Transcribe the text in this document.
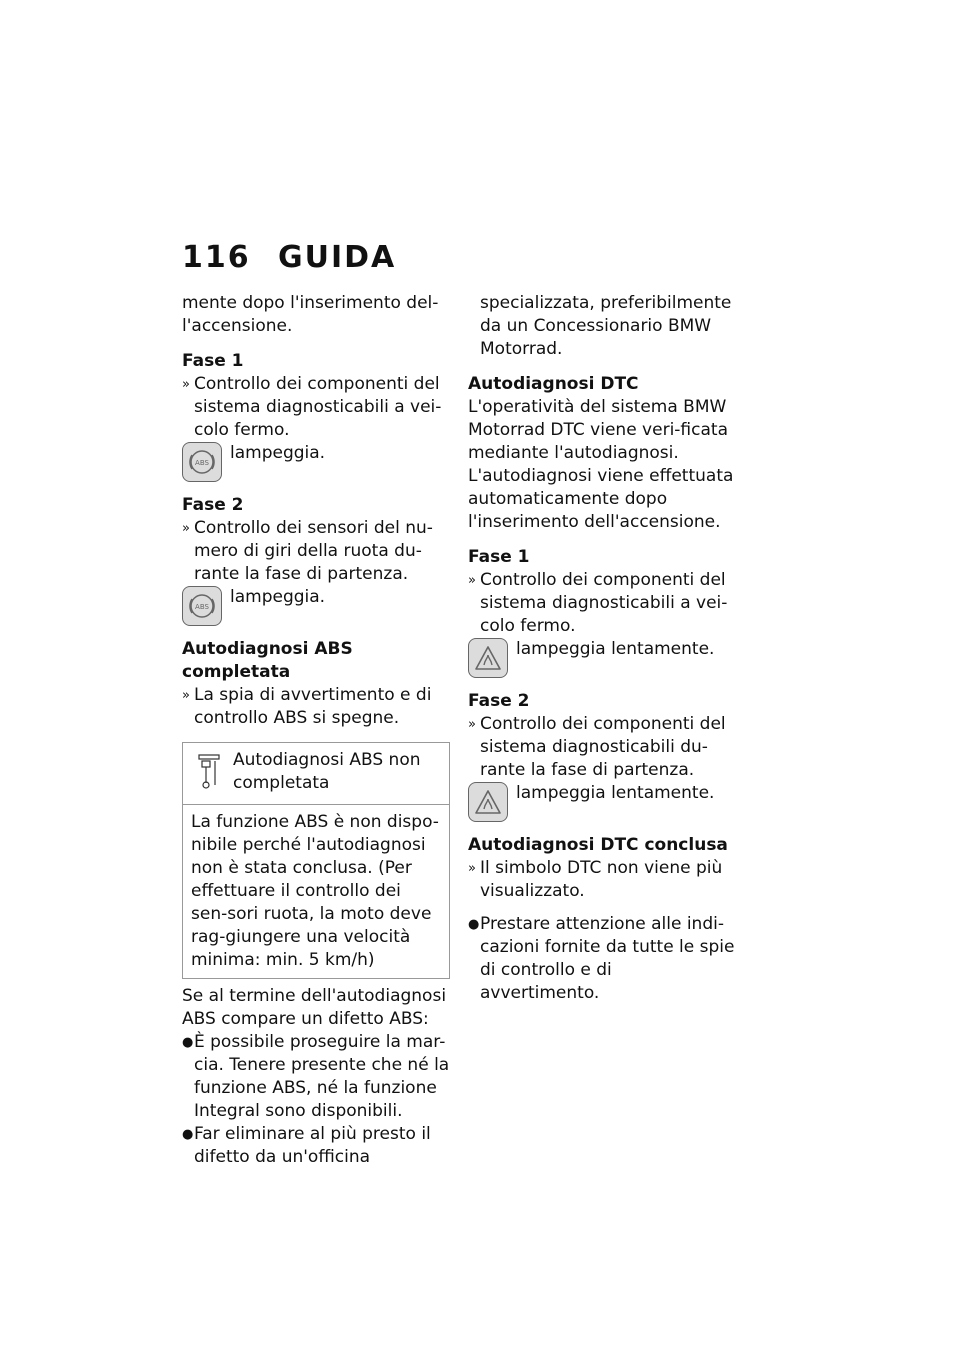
116 GUIDA

mente dopo l'inserimento del-l'accensione.

Fase 1

» Controllo dei componenti del sistema diagnosticabili a vei-colo fermo.
ABS lampeggia.

Fase 2

» Controllo dei sensori del nu-mero di giri della ruota du-rante la fase di partenza.
ABS lampeggia.

Autodiagnosi ABS completata

» La spia di avvertimento e di controllo ABS si spegne.
Autodiagnosi ABS non completata
La funzione ABS è non dispo-nibile perché l'autodiagnosi non è stata conclusa. (Per effettuare il controllo dei sen-sori ruota, la moto deve rag-giungere una velocità minima: min. 5 km/h)

Se al termine dell'autodiagnosi ABS compare un difetto ABS:

● È possibile proseguire la mar-cia. Tenere presente che né la funzione ABS, né la funzione Integral sono disponibili.
● Far eliminare al più presto il difetto da un'officina

specializzata, preferibilmente da un Concessionario BMW Motorrad.

Autodiagnosi DTC

L'operatività del sistema BMW Motorrad DTC viene veri-ficata mediante l'autodiagnosi. L'autodiagnosi viene effettuata automaticamente dopo l'inserimento dell'accensione.

Fase 1

» Controllo dei componenti del sistema diagnosticabili a vei-colo fermo.
lampeggia lentamente.

Fase 2

» Controllo dei componenti del sistema diagnosticabili du-rante la fase di partenza.
lampeggia lentamente.

Autodiagnosi DTC conclusa

» Il simbolo DTC non viene più visualizzato.
● Prestare attenzione alle indi-cazioni fornite da tutte le spie di controllo e di avvertimento.
